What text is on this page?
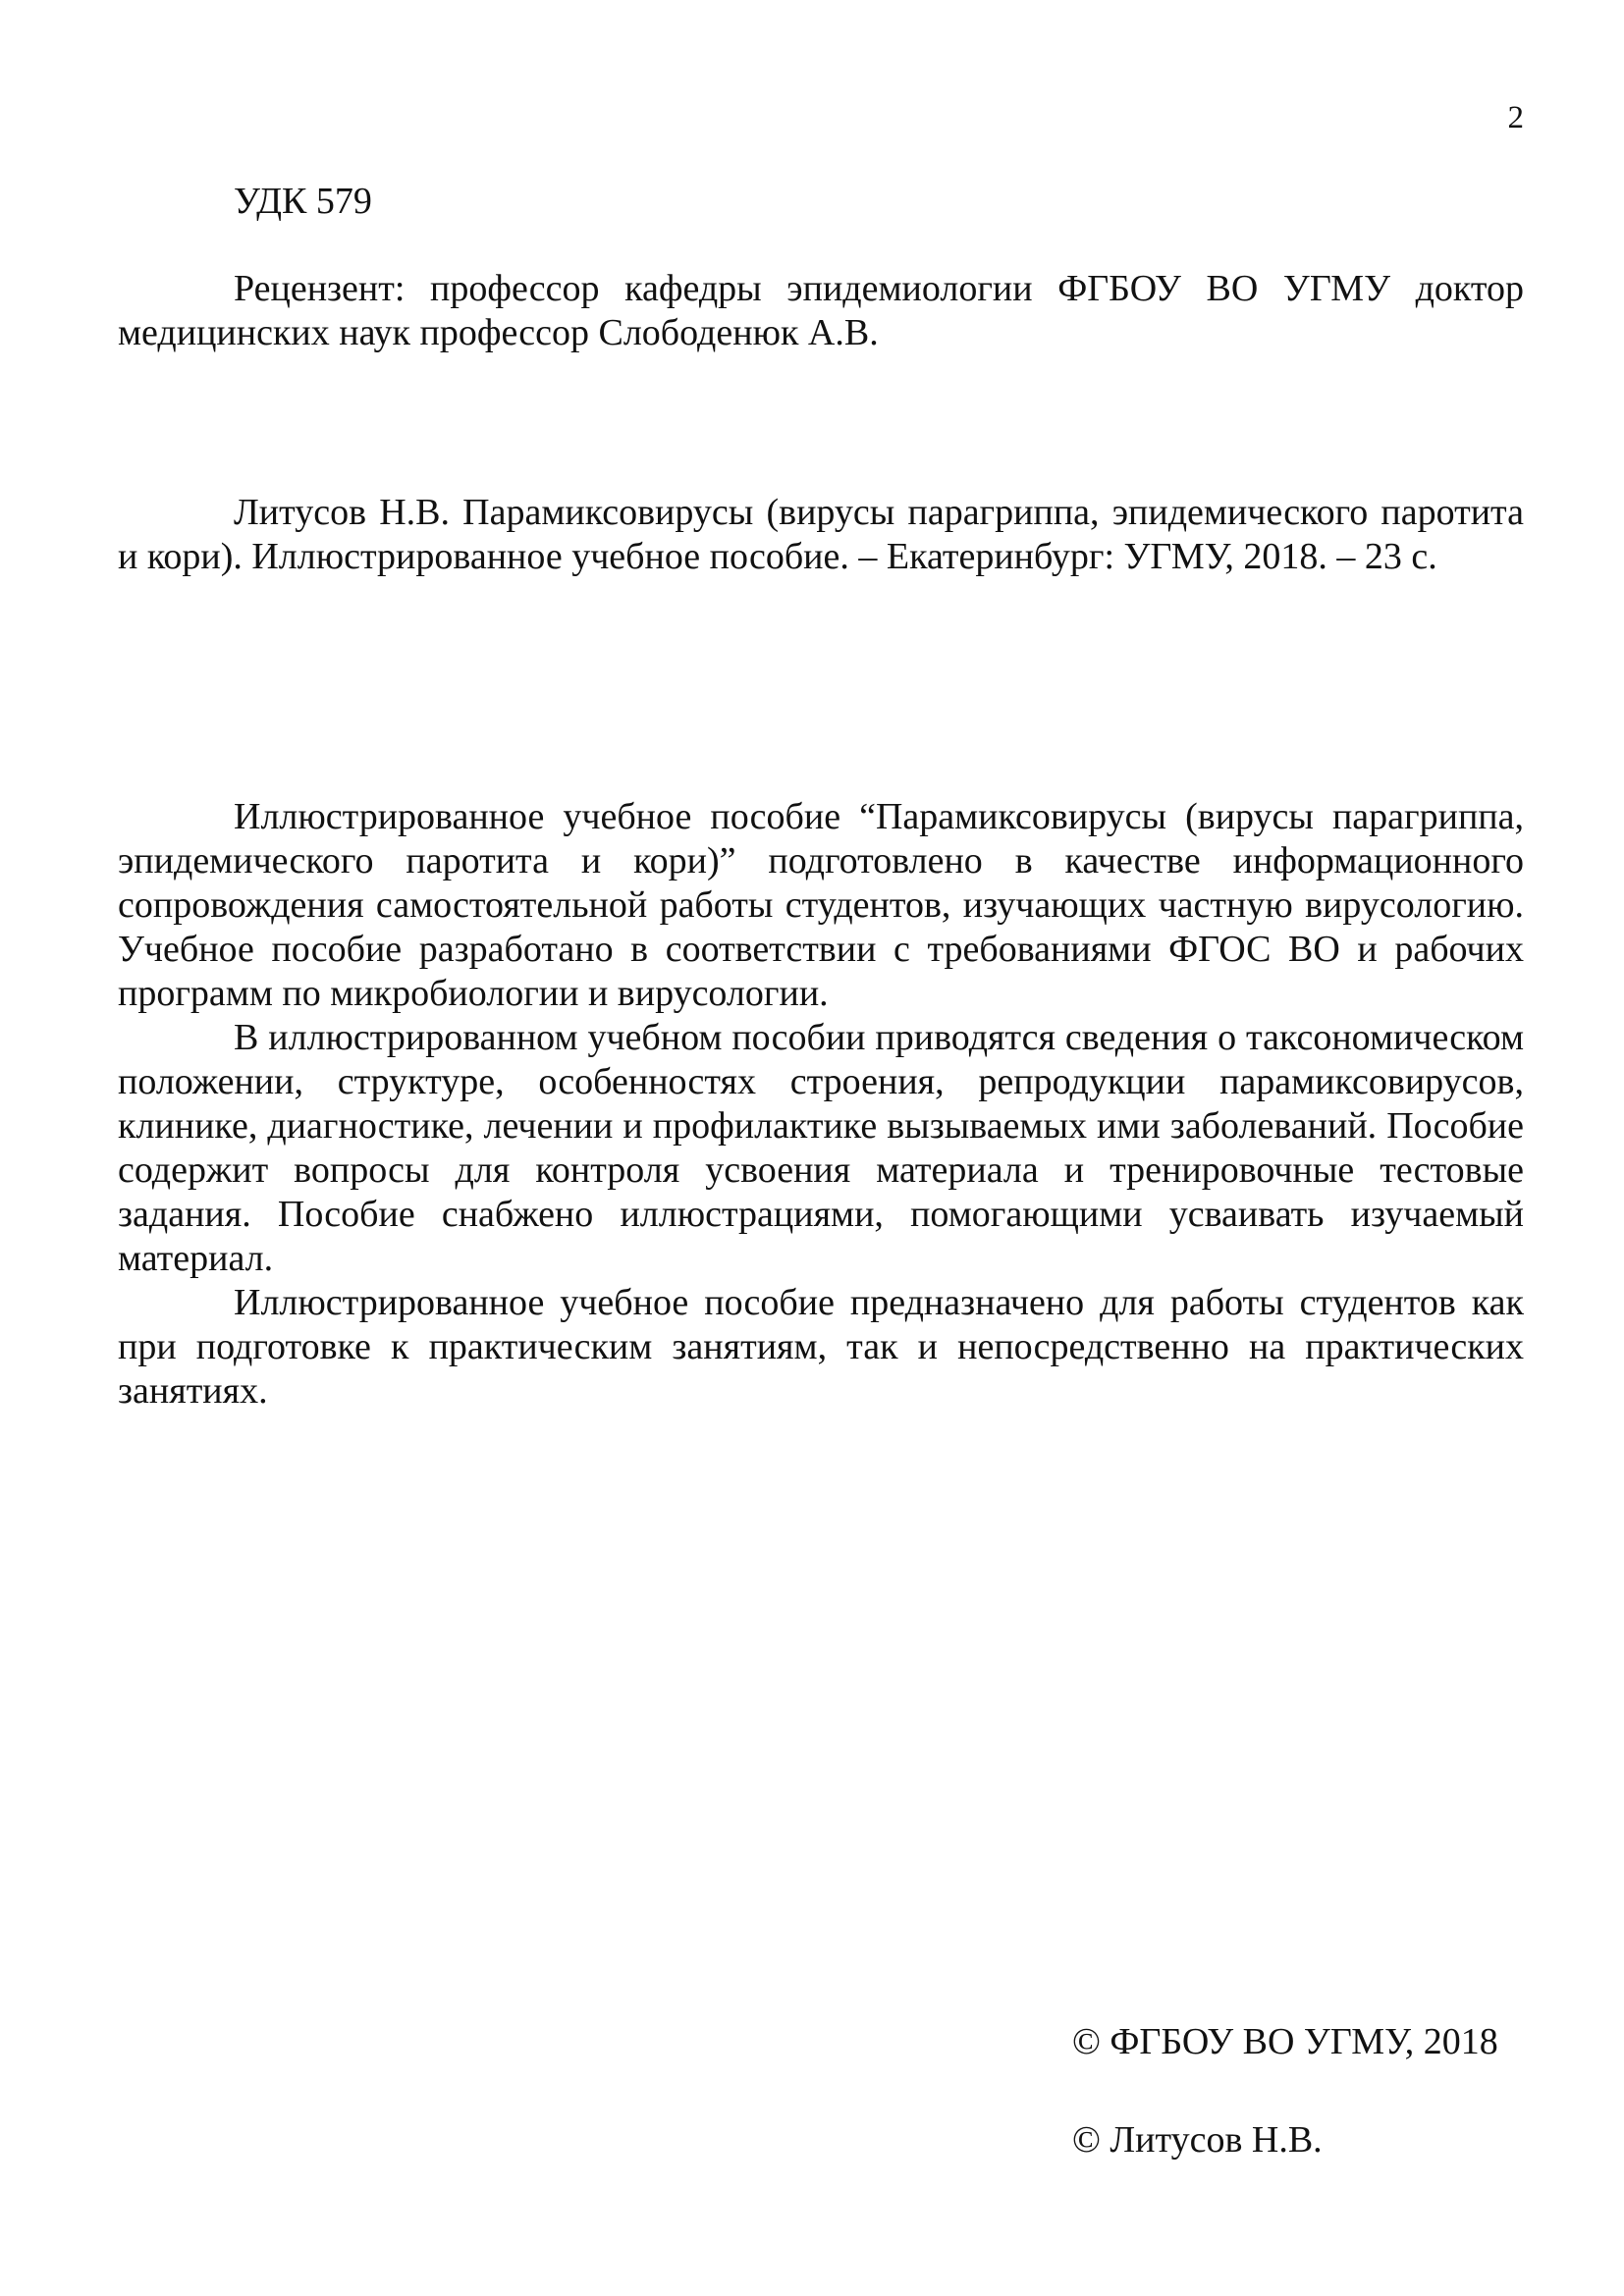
2
УДК 579

Рецензент: профессор кафедры эпидемиологии ФГБОУ ВО УГМУ доктор медицинских наук профессор Слободенюк А.В.

Литусов Н.В. Парамиксовирусы (вирусы парагриппа, эпидемического паротита и кори). Иллюстрированное учебное пособие. – Екатеринбург: УГМУ, 2018. – 23 с.

Иллюстрированное учебное пособие “Парамиксовирусы (вирусы парагриппа, эпидемического паротита и кори)” подготовлено в качестве информационного сопровождения самостоятельной работы студентов, изучающих частную вирусологию. Учебное пособие разработано в соответствии с требованиями ФГОС ВО и рабочих программ по микробиологии и вирусологии.

В иллюстрированном учебном пособии приводятся сведения о таксономическом положении, структуре, особенностях строения, репродукции парамиксовирусов, клинике, диагностике, лечении и профилактике вызываемых ими заболеваний. Пособие содержит вопросы для контроля усвоения материала и тренировочные тестовые задания. Пособие снабжено иллюстрациями, помогающими усваивать изучаемый материал.

Иллюстрированное учебное пособие предназначено для работы студентов как при подготовке к практическим занятиям, так и непосредственно на практических занятиях.

© ФГБОУ ВО УГМУ, 2018
© Литусов Н.В.
